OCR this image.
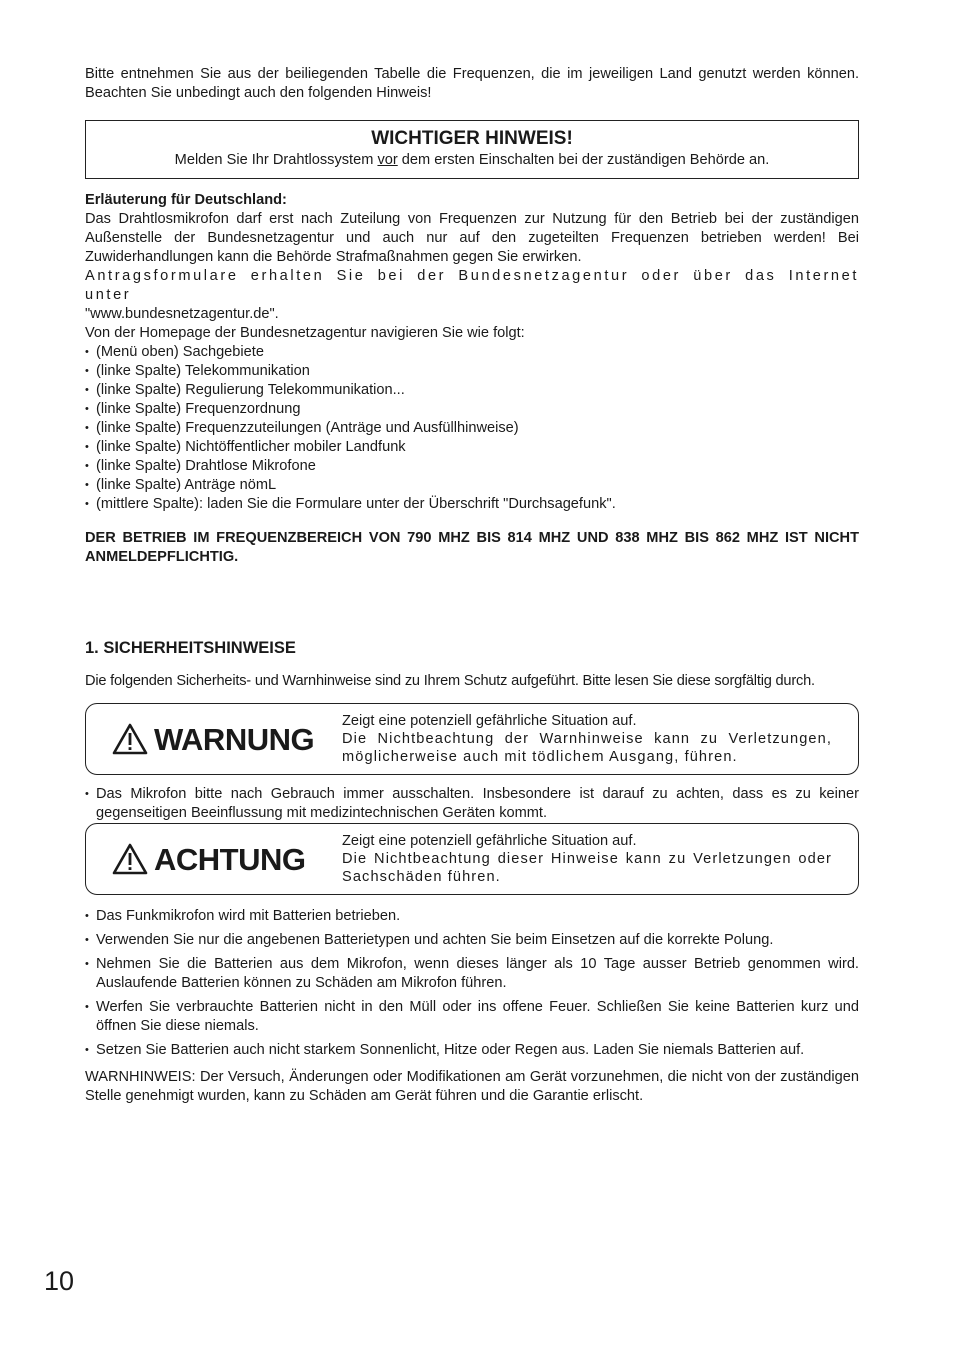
Bitte entnehmen Sie aus der beiliegenden Tabelle die Frequenzen, die im jeweiligen Land genutzt werden können. Beachten Sie unbedingt auch den folgenden Hinweis!

WICHTIGER HINWEIS!
Melden Sie Ihr Drahtlossystem vor dem ersten Einschalten bei der zuständigen Behörde an.

Erläuterung für Deutschland:

Das Drahtlosmikrofon darf erst nach Zuteilung von Frequenzen zur Nutzung für den Betrieb bei der zuständigen Außenstelle der Bundesnetzagentur und auch nur auf den zugeteilten Frequenzen betrieben werden! Bei Zuwiderhandlungen kann die Behörde Strafmaßnahmen gegen Sie erwirken.

Antragsformulare erhalten Sie bei der Bundesnetzagentur oder über das Internet unter

"www.bundesnetzagentur.de".

Von der Homepage der Bundesnetzagentur navigieren Sie wie folgt:

• (Menü oben) Sachgebiete
• (linke Spalte) Telekommunikation
• (linke Spalte) Regulierung Telekommunikation...
• (linke Spalte) Frequenzordnung
• (linke Spalte) Frequenzzuteilungen (Anträge und Ausfüllhinweise)
• (linke Spalte) Nichtöffentlicher mobiler Landfunk
• (linke Spalte) Drahtlose Mikrofone
• (linke Spalte) Anträge nömL
• (mittlere Spalte): laden Sie die Formulare unter der Überschrift "Durchsagefunk".

DER BETRIEB IM FREQUENZBEREICH VON 790 MHZ BIS 814 MHZ UND 838 MHZ BIS 862 MHZ IST NICHT ANMELDEPFLICHTIG.

1. SICHERHEITSHINWEISE

Die folgenden Sicherheits- und Warnhinweise sind zu Ihrem Schutz aufgeführt. Bitte lesen Sie diese sorgfältig durch.

WARNUNG
Zeigt eine potenziell gefährliche Situation auf.
Die Nichtbeachtung der Warnhinweise kann zu Verletzungen, möglicherweise auch mit tödlichem Ausgang, führen.
• Das Mikrofon bitte nach Gebrauch immer ausschalten. Insbesondere ist darauf zu achten, dass es zu keiner gegenseitigen Beeinflussung mit medizintechnischen Geräten kommt.
ACHTUNG
Zeigt eine potenziell gefährliche Situation auf.
Die Nichtbeachtung dieser Hinweise kann zu Verletzungen oder Sachschäden führen.
• Das Funkmikrofon wird mit Batterien betrieben.
• Verwenden Sie nur die angebenen Batterietypen und achten Sie beim Einsetzen auf die korrekte Polung.
• Nehmen Sie die Batterien aus dem Mikrofon, wenn dieses länger als 10 Tage ausser Betrieb genommen wird. Auslaufende Batterien können zu Schäden am Mikrofon führen.
• Werfen Sie verbrauchte Batterien nicht in den Müll oder ins offene Feuer. Schließen Sie keine Batterien kurz und öffnen Sie diese niemals.
• Setzen Sie Batterien auch nicht starkem Sonnenlicht, Hitze oder Regen aus. Laden Sie niemals Batterien auf.

WARNHINWEIS: Der Versuch, Änderungen oder Modifikationen am Gerät vorzunehmen, die nicht von der zuständigen Stelle genehmigt wurden, kann zu Schäden am Gerät führen und die Garantie erlischt.

10
